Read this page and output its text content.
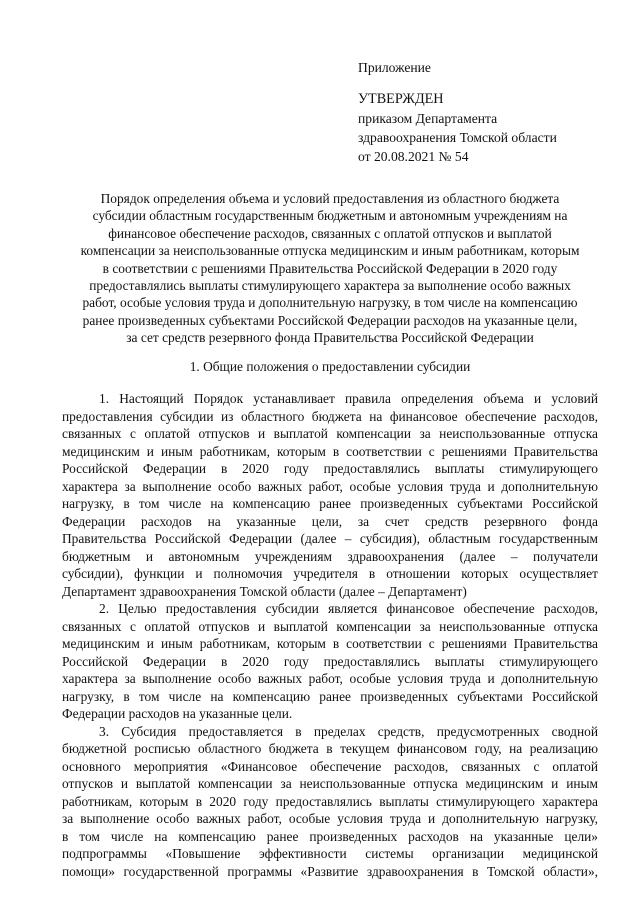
Приложение
УТВЕРЖДЕН
приказом Департамента
здравоохранения Томской области
от 20.08.2021 № 54
Порядок определения объема и условий предоставления из областного бюджета
субсидии областным государственным бюджетным и автономным учреждениям на
финансовое обеспечение расходов, связанных с оплатой отпусков и выплатой
компенсации за неиспользованные отпуска медицинским и иным работникам, которым
в соответствии с решениями Правительства Российской Федерации в 2020 году
предоставлялись выплаты стимулирующего характера за выполнение особо важных
работ, особые условия труда и дополнительную нагрузку, в том числе на компенсацию
ранее произведенных субъектами Российской Федерации расходов на указанные цели,
за сет средств резервного фонда Правительства Российской Федерации
1. Общие положения о предоставлении субсидии
1. Настоящий Порядок устанавливает правила определения объема и условий
предоставления субсидии из областного бюджета на финансовое обеспечение расходов,
связанных с оплатой отпусков и выплатой компенсации за неиспользованные отпуска
медицинским и иным работникам, которым в соответствии с решениями Правительства
Российской Федерации в 2020 году предоставлялись выплаты стимулирующего
характера за выполнение особо важных работ, особые условия труда и дополнительную
нагрузку, в том числе на компенсацию ранее произведенных субъектами Российской
Федерации расходов на указанные цели, за счет средств резервного фонда
Правительства Российской Федерации (далее – субсидия), областным государственным
бюджетным и автономным учреждениям здравоохранения (далее – получатели
субсидии), функции и полномочия учредителя в отношении которых осуществляет
Департамент здравоохранения Томской области (далее – Департамент)
2. Целью предоставления субсидии является финансовое обеспечение расходов,
связанных с оплатой отпусков и выплатой компенсации за неиспользованные отпуска
медицинским и иным работникам, которым в соответствии с решениями Правительства
Российской Федерации в 2020 году предоставлялись выплаты стимулирующего
характера за выполнение особо важных работ, особые условия труда и дополнительную
нагрузку, в том числе на компенсацию ранее произведенных субъектами Российской
Федерации расходов на указанные цели.
3. Субсидия предоставляется в пределах средств, предусмотренных сводной
бюджетной росписью областного бюджета в текущем финансовом году, на реализацию
основного мероприятия «Финансовое обеспечение расходов, связанных с оплатой
отпусков и выплатой компенсации за неиспользованные отпуска медицинским и иным
работникам, которым в 2020 году предоставлялись выплаты стимулирующего характера
за выполнение особо важных работ, особые условия труда и дополнительную нагрузку,
в том числе на компенсацию ранее произведенных расходов на указанные цели»
подпрограммы «Повышение эффективности системы организации медицинской
помощи» государственной программы «Развитие здравоохранения в Томской области»,
